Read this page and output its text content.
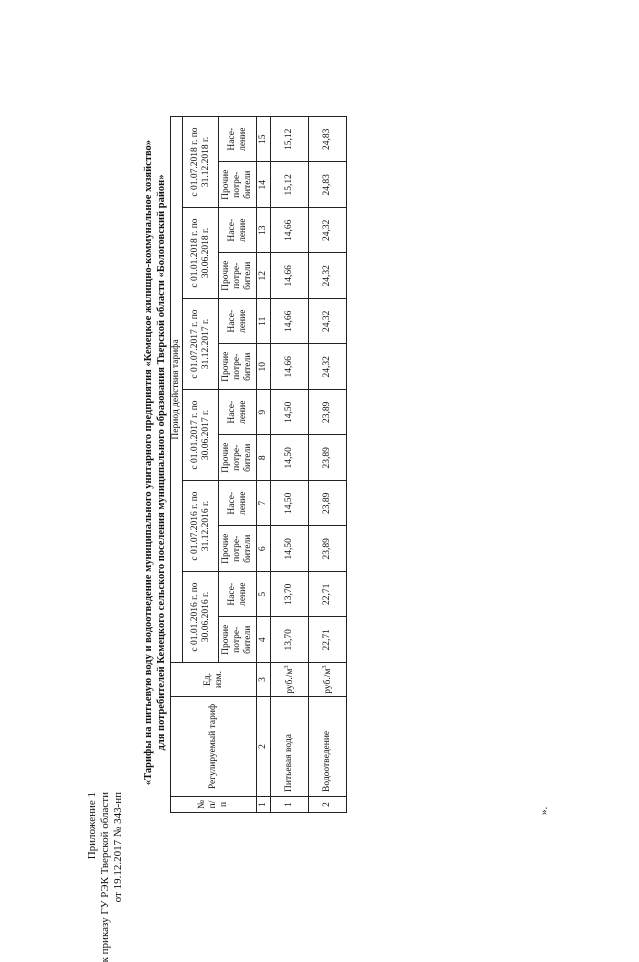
Приложение 1 к приказу ГУ РЭК Тверской области от 19.12.2017 № 343-нп
«Тарифы на питьевую воду и водоотведение муниципального унитарного предприятия «Кемецкое жилищно-коммунальное хозяйство» для потребителей Кемецкого сельского поселения муниципального образования Тверской области «Бологовский район»
№ п/ п	Регулируемый тариф	Ед. изм.	Период действия тарифа											
			с 01.01.2016 г. по 30.06.2016 г.		с 01.07.2016 г. по 31.12.2016 г.		с 01.01.2017 г. по 30.06.2017 г.		с 01.07.2017 г. по 31.12.2017 г.		с 01.01.2018 г. по 30.06.2018 г.		с 01.07.2018 г. по 31.12.2018 г.	
			Прочие потре- бители	Насе- ление	Прочие потре- бители	Насе- ление	Прочие потре- бители	Насе- ление	Прочие потре- бители	Насе- ление	Прочие потре- бители	Насе- ление	Прочие потре- бители	Насе- ление
1	2	3	4	5	6	7	8	9	10	11	12	13	14	15
1	Питьевая вода	$руб./м^3$	13,70	13,70	14,50	14,50	14,50	14,50	14,66	14,66	14,66	14,66	15,12	15,12
2	Водоотведение	$руб./м^3$	22,71	22,71	23,89	23,89	23,89	23,89	24,32	24,32	24,32	24,32	24,83	24,83
».
